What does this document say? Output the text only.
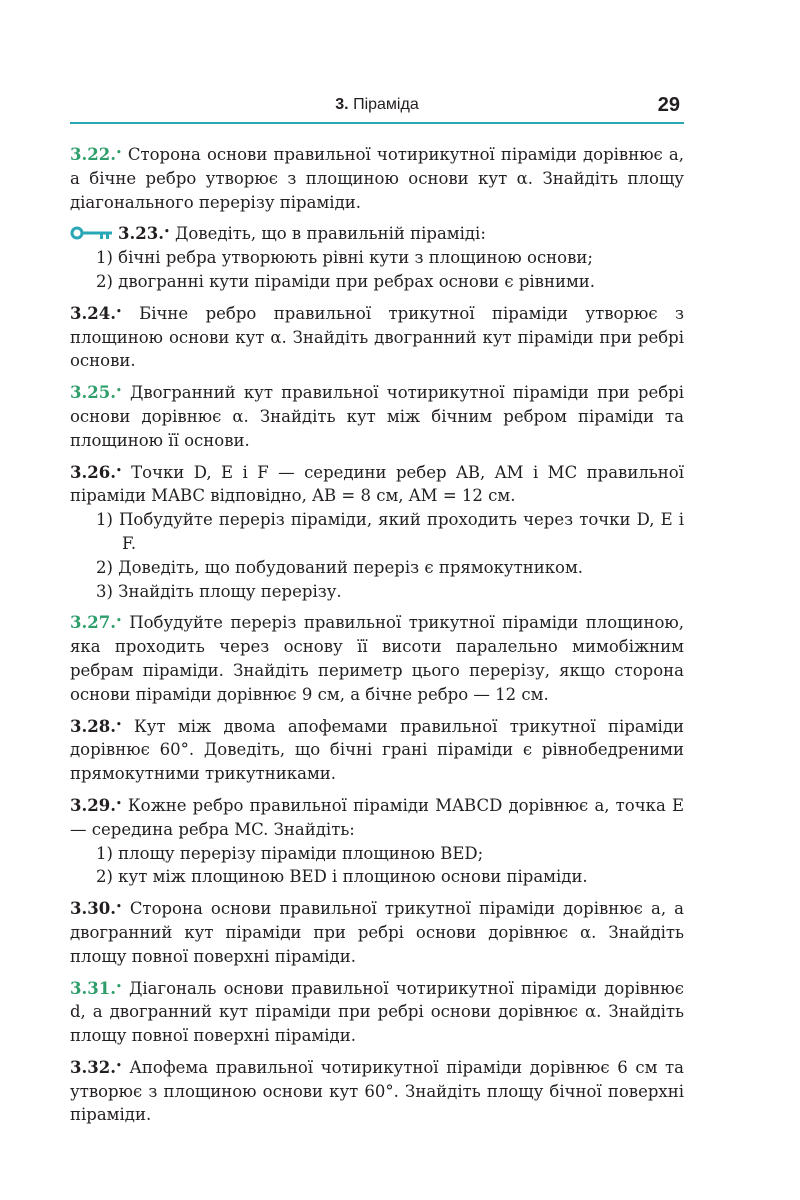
3. Піраміда	29
3.22.• Сторона основи правильної чотирикутної піраміди дорівнює a, а бічне ребро утворює з площиною основи кут α. Знайдіть площу діагонального перерізу піраміди.
3.23.• Доведіть, що в правильній піраміді:
1) бічні ребра утворюють рівні кути з площиною основи;
2) двогранні кути піраміди при ребрах основи є рівними.
3.24.• Бічне ребро правильної трикутної піраміди утворює з площиною основи кут α. Знайдіть двогранний кут піраміди при ребрі основи.
3.25.• Двогранний кут правильної чотирикутної піраміди при ребрі основи дорівнює α. Знайдіть кут між бічним ребром піраміди та площиною її основи.
3.26.• Точки D, E і F — середини ребер AB, AM і MC правильної піраміди MABC відповідно, AB = 8 см, AM = 12 см.
1) Побудуйте переріз піраміди, який проходить через точки D, E і F.
2) Доведіть, що побудований переріз є прямокутником.
3) Знайдіть площу перерізу.
3.27.• Побудуйте переріз правильної трикутної піраміди площиною, яка проходить через основу її висоти паралельно мимобіжним ребрам піраміди. Знайдіть периметр цього перерізу, якщо сторона основи піраміди дорівнює 9 см, а бічне ребро — 12 см.
3.28.• Кут між двома апофемами правильної трикутної піраміди дорівнює 60°. Доведіть, що бічні грані піраміди є рівнобедреними прямокутними трикутниками.
3.29.• Кожне ребро правильної піраміди MABCD дорівнює a, точка E — середина ребра MC. Знайдіть:
1) площу перерізу піраміди площиною BED;
2) кут між площиною BED і площиною основи піраміди.
3.30.• Сторона основи правильної трикутної піраміди дорівнює a, а двогранний кут піраміди при ребрі основи дорівнює α. Знайдіть площу повної поверхні піраміди.
3.31.• Діагональ основи правильної чотирикутної піраміди дорівнює d, а двогранний кут піраміди при ребрі основи дорівнює α. Знайдіть площу повної поверхні піраміди.
3.32.• Апофема правильної чотирикутної піраміди дорівнює 6 см та утворює з площиною основи кут 60°. Знайдіть площу бічної поверхні піраміди.
